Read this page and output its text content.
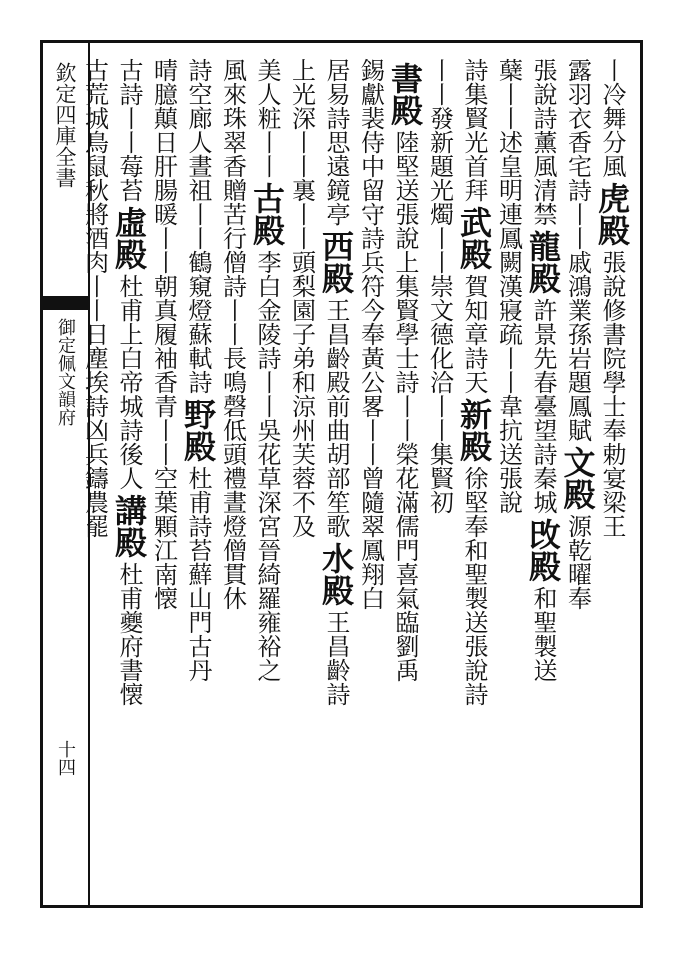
欽定四庫全書
御定佩文韻府
十四
丨冷舞分風
虎殿
張說修書院學士奉勅宴梁王
露羽衣香
宅詩丨丨戚鴻業孫岩題鳳賦
文殿
源乾曜奉
張說詩薰風清禁
龍殿
許景先春臺望詩秦城
攺殿
和聖製送
蘖丨丨述皇明
連鳳闕漢寢疏丨丨
韋抗送張說
詩集賢光首拜
武殿
賀知章詩天
新殿
徐堅奉和聖製送張說詩
丨丨發新題
光燭丨丨
崇文德化洽丨丨集賢初
書殿
陸堅送張說上集賢學士詩丨丨榮花滿儒門喜氣臨劉禹
錫獻裴侍中留守詩兵符今奉黃公畧丨丨曾隨翠鳳翔白
居易詩思遠鏡亭
西殿
王昌齡殿前曲胡部笙歌
水殿
王昌齡詩
上光深丨丨裏
丨丨頭梨園子弟和涼州
芙蓉不及
美人粧丨丨
古殿
李白金陵詩丨丨吳花草深宮晉綺羅雍裕之
風來珠翠香
贈苦行僧詩丨丨長鳴磬低頭禮晝燈僧貫休
詩空廊人晝祖丨丨鶴窺燈蘇軾詩
野殿
杜甫詩苔蘚山門古丹
晴臆㒹日肝腸暖丨丨朝真履袖香
青丨丨空葉顆江南懐
古詩丨丨莓苔
虛殿
杜甫上白帝城詩後人
講殿
杜甫夔府書懐
古荒城鳥鼠秋
將酒肉丨丨日塵埃
詩凶兵鑄農罷
